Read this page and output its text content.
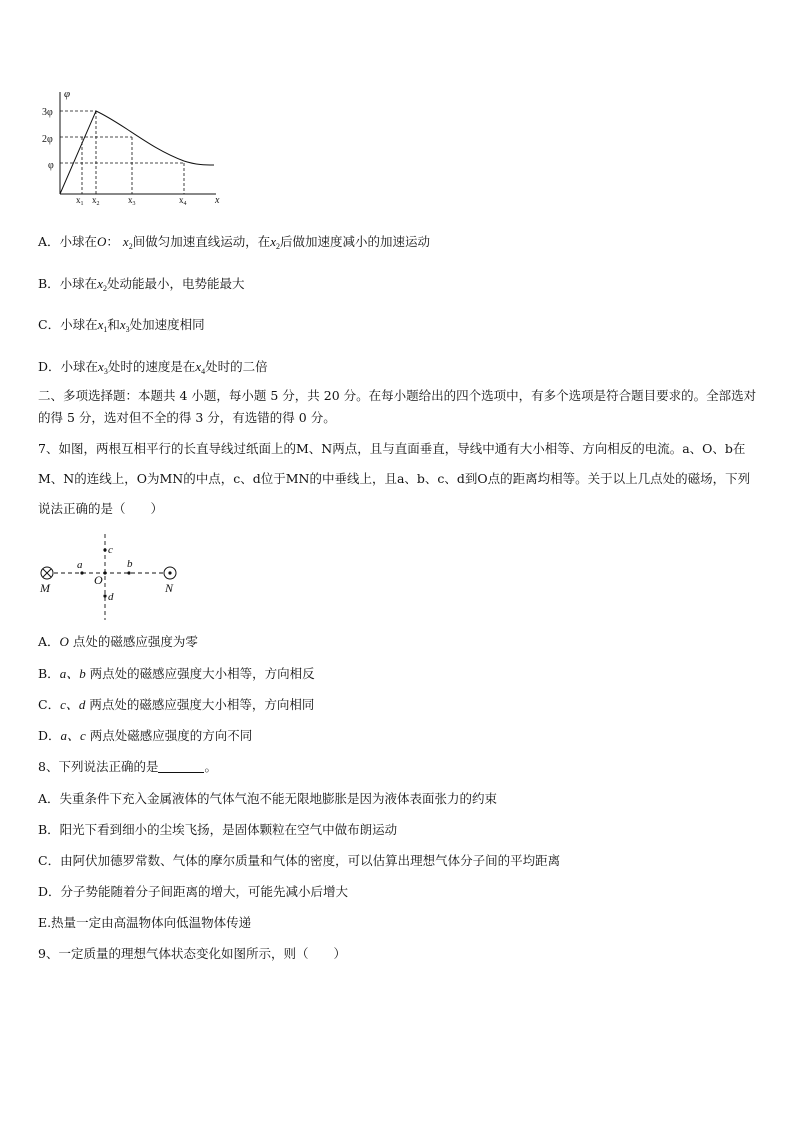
φ
x
3φ
2φ
φ
$x_1$ $x_2$	$x_3$	$x_4$
A．小球在O： $x_2$间做匀加速直线运动，在$x_2$后做加速度减小的加速运动
B．小球在$x_2$处动能最小，电势能最大
C．小球在$x_1$和$x_3$处加速度相同
D．小球在$x_3$处时的速度是在$x_4$处时的二倍
二、多项选择题：本题共 4 小题，每小题 5 分，共 20 分。在每小题给出的四个选项中，有多个选项是符合题目要求的。全部选对的得 5 分，选对但不全的得 3 分，有选错的得 0 分。
7、如图，两根互相平行的长直导线过纸面上的M、N两点，且与直面垂直，导线中通有大小相等、方向相反的电流。a、O、b在M、N的连线上，O为MN的中点，c、d位于MN的中垂线上，且a、b、c、d到O点的距离均相等。关于以上几点处的磁场，下列说法正确的是（　　）
M	N
O
a	b
c
d
A．O 点处的磁感应强度为零
B．a、b 两点处的磁感应强度大小相等，方向相反
C．c、d 两点处的磁感应强度大小相等，方向相同
D．a、c 两点处磁感应强度的方向不同
8、下列说法正确的是	。
A．失重条件下充入金属液体的气体气泡不能无限地膨胀是因为液体表面张力的约束
B．阳光下看到细小的尘埃飞扬，是固体颗粒在空气中做布朗运动
C．由阿伏加德罗常数、气体的摩尔质量和气体的密度，可以估算出理想气体分子间的平均距离
D．分子势能随着分子间距离的增大，可能先减小后增大
E.热量一定由高温物体向低温物体传递
9、一定质量的理想气体状态变化如图所示，则（　　）
